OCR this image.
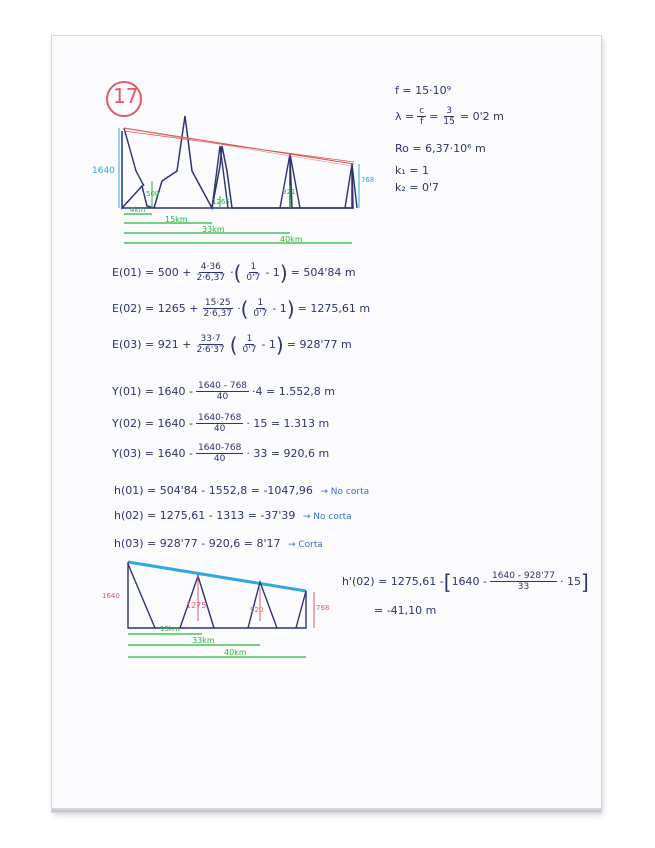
17	f = 15·10⁹
$\lambda = \frac{c}{f} = \frac{3}{15} = 0'2$ m
Ro = 6,37·10⁶ m
k₁ = 1
k₂ = 0'7
1640
500
1265
921
768
4km
15km
33km
40km
$E(01) = 500 + \frac{4\cdot 36}{2\cdot 6,37}$ · ( $\frac{1}{0'7} - 1$ ) = 504'84 m
$E(02) = 1265 + \frac{15\cdot 25}{2\cdot 6,37}$ · ( $\frac{1}{0'7} - 1$ ) = 1275,61 m
$E(03) = 921 + \frac{33\cdot 7}{2\cdot 6'37}$ ( $\frac{1}{0'7} - 1$ ) = 928'77 m
$Y(01) = 1640 - \frac{1640 - 768}{40} \cdot 4 = 1.552,8$ m
$Y(02) = 1640 - \frac{1640-768}{40} \cdot 15 = 1.313$ m
$Y(03) = 1640 - \frac{1640-768}{40} \cdot 33 = 920,6$ m
h(01) = 504'84 - 1552,8 = -1047,96 → No corta
h(02) = 1275,61 - 1313 = -37'39 → No corta
h(03) = 928'77 - 920,6 = 8'17 → Corta
1640
1275	920	768
15km
33km
40km
h'(02) = 1275,61 - [ $1640 - \frac{1640 - 928'77}{33} \cdot 15$ ]
= -41,10 m
